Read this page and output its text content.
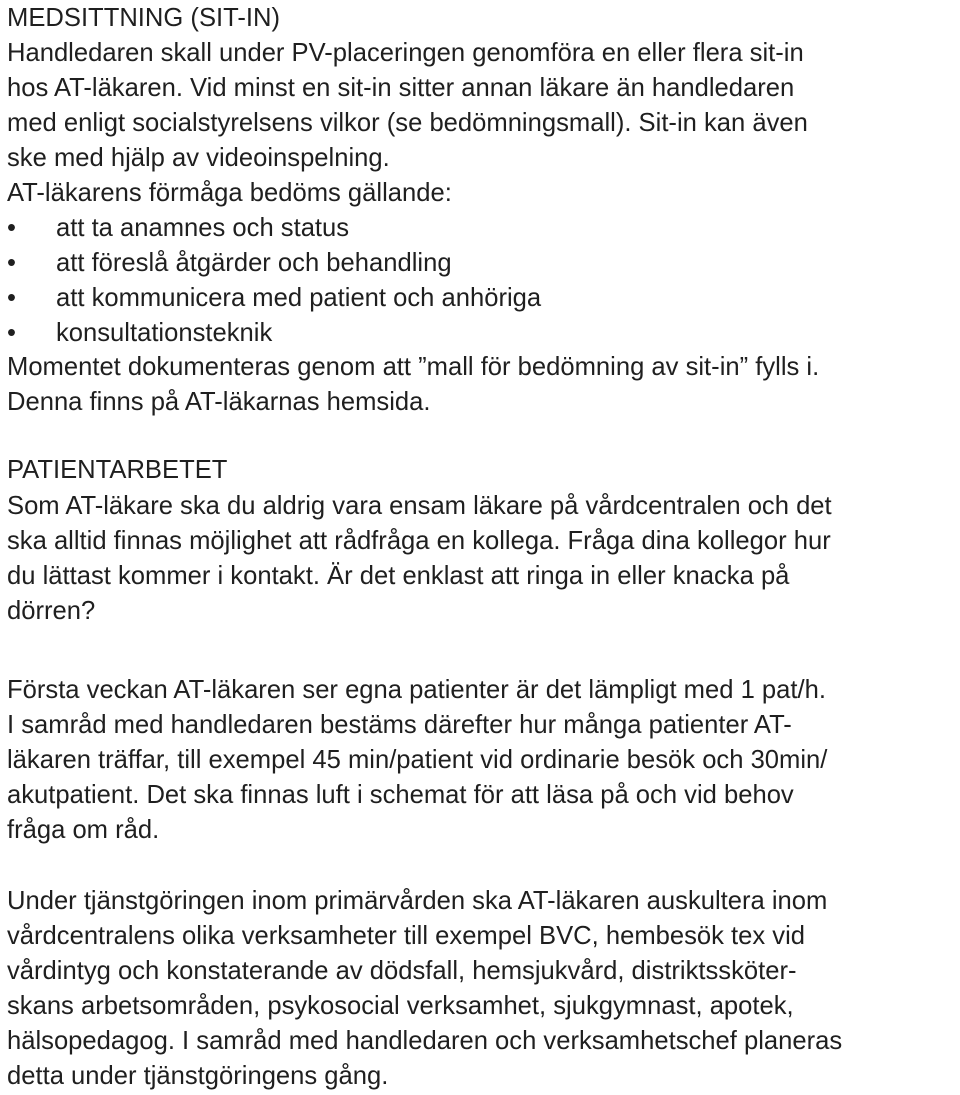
MEDSITTNING (SIT-IN)
Handledaren skall under PV-placeringen genomföra en eller flera sit-in
hos AT-läkaren. Vid minst en sit-in sitter annan läkare än handledaren
med enligt socialstyrelsens vilkor (se bedömningsmall). Sit-in kan även
ske med hjälp av videoinspelning.
AT-läkarens förmåga bedöms gällande:
•	att ta anamnes och status
•	att föreslå åtgärder och behandling
•	att kommunicera med patient och anhöriga
•	konsultationsteknik
Momentet dokumenteras genom att ”mall för bedömning av sit-in” fylls i.
Denna finns på AT-läkarnas hemsida.
PATIENTARBETET
Som AT-läkare ska du aldrig vara ensam läkare på vårdcentralen och det
ska alltid finnas möjlighet att rådfråga en kollega. Fråga dina kollegor hur
du lättast kommer i kontakt. Är det enklast att ringa in eller knacka på
dörren?
Första veckan AT-läkaren ser egna patienter är det lämpligt med 1 pat/h.
I samråd med handledaren bestäms därefter hur många patienter AT-
läkaren träffar, till exempel 45 min/patient vid ordinarie besök och 30min/
akutpatient. Det ska finnas luft i schemat för att läsa på och vid behov
fråga om råd.
Under tjänstgöringen inom primärvården ska AT-läkaren auskultera inom
vårdcentralens olika verksamheter till exempel BVC, hembesök tex vid
vårdintyg och konstaterande av dödsfall, hemsjukvård, distriktssköter-
skans arbetsområden, psykosocial verksamhet, sjukgymnast, apotek,
hälsopedagog. I samråd med handledaren och verksamhetschef planeras
detta under tjänstgöringens gång.
